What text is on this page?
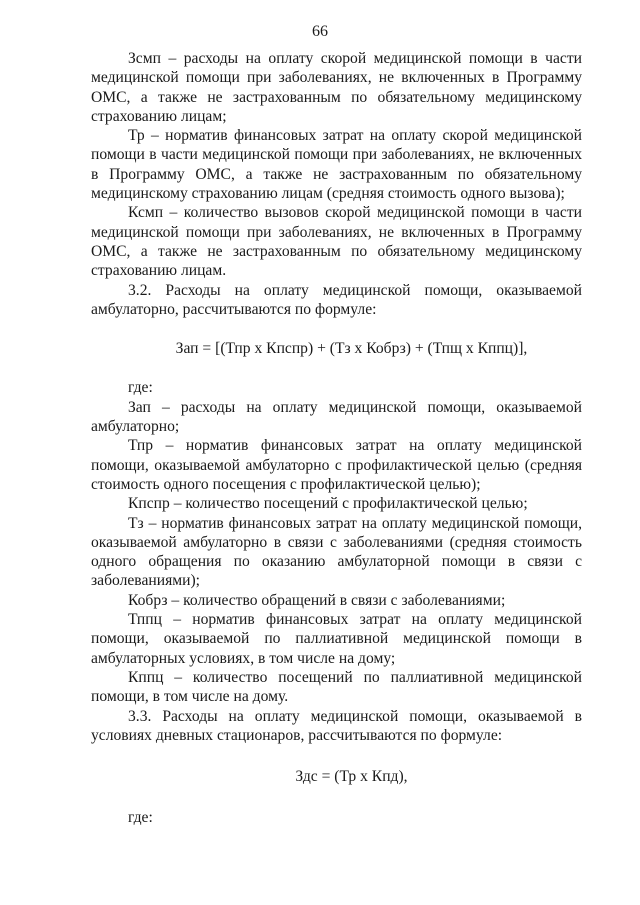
66

Зсмп – расходы на оплату скорой медицинской помощи в части медицинской помощи при заболеваниях, не включенных в Программу ОМС, а также не застрахованным по обязательному медицинскому страхованию лицам;

Тр – норматив финансовых затрат на оплату скорой медицинской помощи в части медицинской помощи при заболеваниях, не включенных в Программу ОМС, а также не застрахованным по обязательному медицинскому страхованию лицам (средняя стоимость одного вызова);

Ксмп – количество вызовов скорой медицинской помощи в части медицинской помощи при заболеваниях, не включенных в Программу ОМС, а также не застрахованным по обязательному медицинскому страхованию лицам.

3.2. Расходы на оплату медицинской помощи, оказываемой амбулаторно, рассчитываются по формуле:

Зап = [(Тпр х Кпспр) + (Тз х Кобрз) + (Тпщ х Кппц)],

где:

Зап – расходы на оплату медицинской помощи, оказываемой амбулаторно;

Тпр – норматив финансовых затрат на оплату медицинской помощи, оказываемой амбулаторно с профилактической целью (средняя стоимость одного посещения с профилактической целью);

Кпспр – количество посещений с профилактической целью;

Тз – норматив финансовых затрат на оплату медицинской помощи, оказываемой амбулаторно в связи с заболеваниями (средняя стоимость одного обращения по оказанию амбулаторной помощи в связи с заболеваниями);

Кобрз – количество обращений в связи с заболеваниями;

Тппц – норматив финансовых затрат на оплату медицинской помощи, оказываемой по паллиативной медицинской помощи в амбулаторных условиях, в том числе на дому;

Кппц – количество посещений по паллиативной медицинской помощи, в том числе на дому.

3.3. Расходы на оплату медицинской помощи, оказываемой в условиях дневных стационаров, рассчитываются по формуле:

Здс = (Тр х Кпд),

где:
